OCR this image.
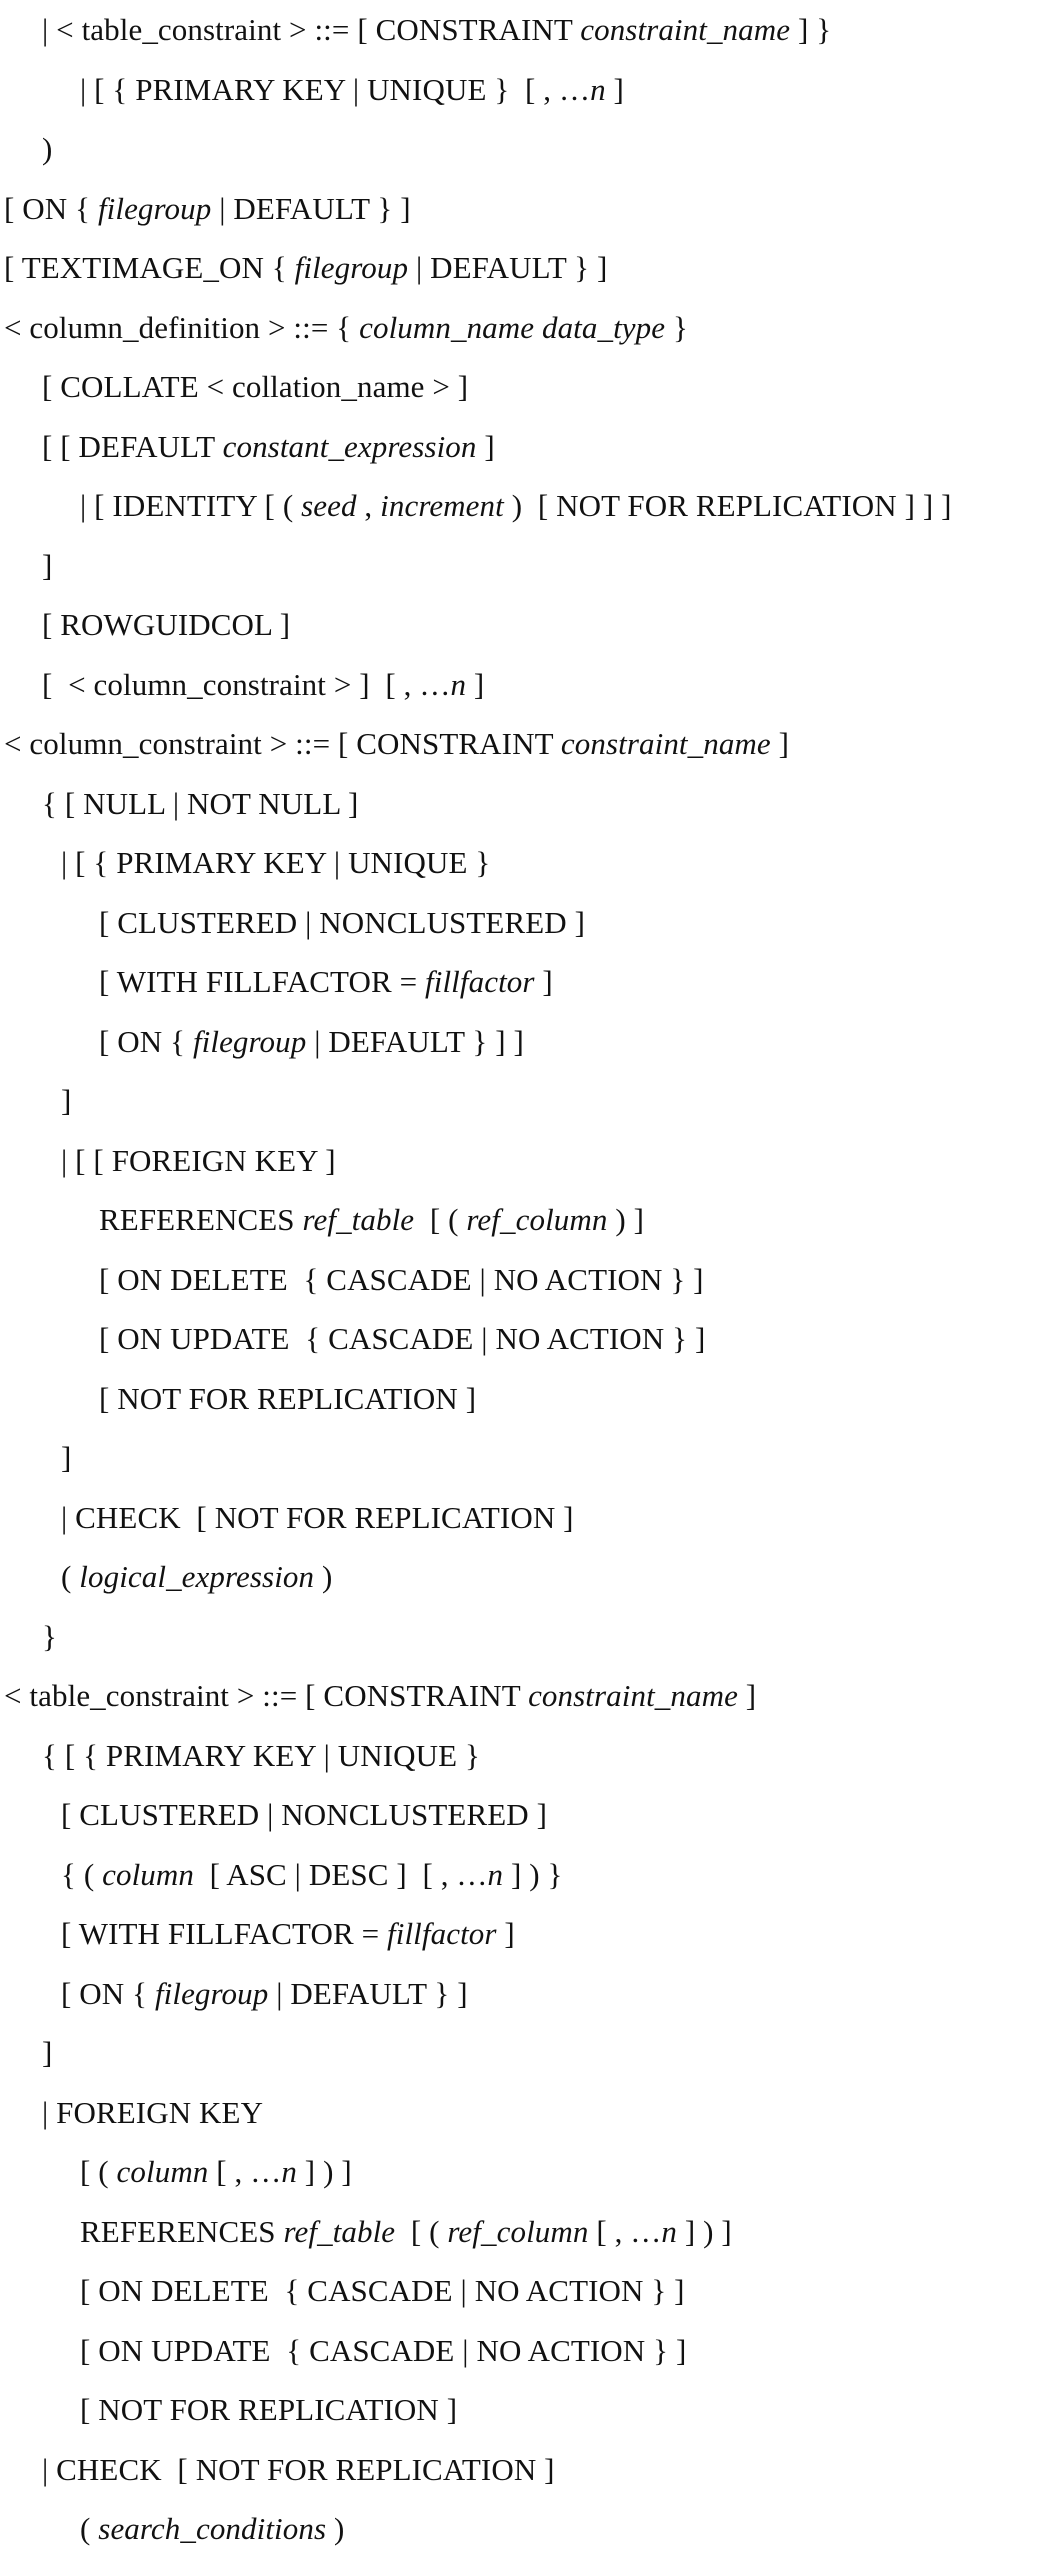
| < table_constraint > ::= [ CONSTRAINT constraint_name ] }
| [ { PRIMARY KEY | UNIQUE }  [ , …n ]
)
[ ON { filegroup | DEFAULT } ]
[ TEXTIMAGE_ON { filegroup | DEFAULT } ]
< column_definition > ::= { column_name data_type }
[ COLLATE < collation_name > ]
[ [ DEFAULT constant_expression ]
| [ IDENTITY [ ( seed , increment )  [ NOT FOR REPLICATION ] ] ]
]
[ ROWGUIDCOL ]
[  < column_constraint > ]  [ , …n ]
< column_constraint > ::= [ CONSTRAINT constraint_name ]
{ [ NULL | NOT NULL ]
| [ { PRIMARY KEY | UNIQUE }
[ CLUSTERED | NONCLUSTERED ]
[ WITH FILLFACTOR = fillfactor ]
[ ON { filegroup | DEFAULT } ] ]
]
| [ [ FOREIGN KEY ]
REFERENCES ref_table  [ ( ref_column ) ]
[ ON DELETE  { CASCADE | NO ACTION } ]
[ ON UPDATE  { CASCADE | NO ACTION } ]
[ NOT FOR REPLICATION ]
]
| CHECK  [ NOT FOR REPLICATION ]
( logical_expression )
}
< table_constraint > ::= [ CONSTRAINT constraint_name ]
{ [ { PRIMARY KEY | UNIQUE }
[ CLUSTERED | NONCLUSTERED ]
{ ( column  [ ASC | DESC ]  [ , …n ] ) }
[ WITH FILLFACTOR = fillfactor ]
[ ON { filegroup | DEFAULT } ]
]
| FOREIGN KEY
[ ( column [ , …n ] ) ]
REFERENCES ref_table  [ ( ref_column [ , …n ] ) ]
[ ON DELETE  { CASCADE | NO ACTION } ]
[ ON UPDATE  { CASCADE | NO ACTION } ]
[ NOT FOR REPLICATION ]
| CHECK  [ NOT FOR REPLICATION ]
( search_conditions )
